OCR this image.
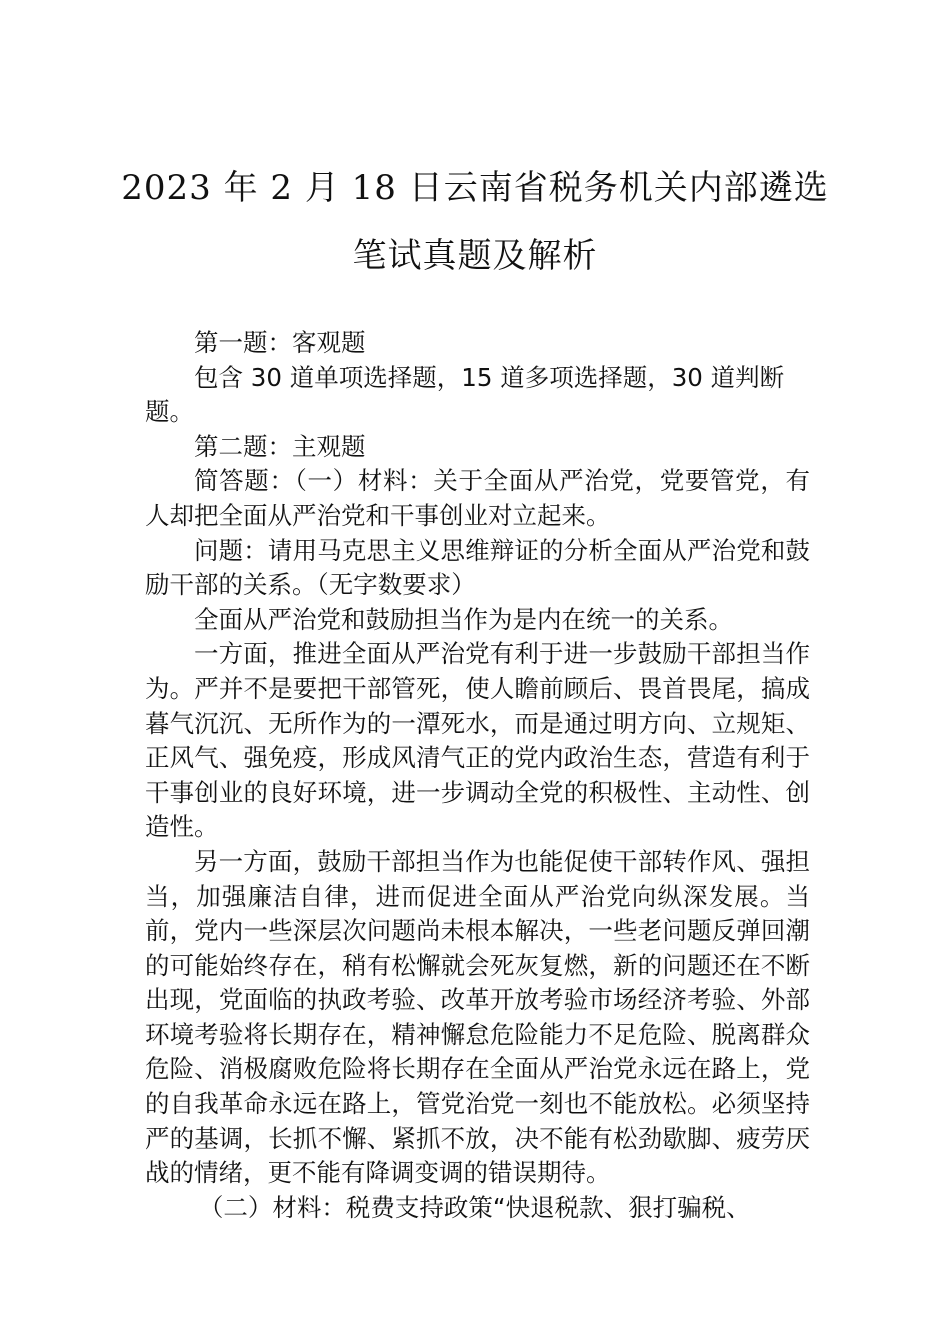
2023 年 2 月 18 日云南省税务机关内部遴选
笔试真题及解析

第一题：客观题

包含 30 道单项选择题，15 道多项选择题，30 道判断题。

第二题：主观题

简答题：（一）材料：关于全面从严治党，党要管党，有人却把全面从严治党和干事创业对立起来。

问题：请用马克思主义思维辩证的分析全面从严治党和鼓励干部的关系。（无字数要求）

全面从严治党和鼓励担当作为是内在统一的关系。

一方面，推进全面从严治党有利于进一步鼓励干部担当作为。严并不是要把干部管死，使人瞻前顾后、畏首畏尾，搞成暮气沉沉、无所作为的一潭死水，而是通过明方向、立规矩、正风气、强免疫，形成风清气正的党内政治生态，营造有利于干事创业的良好环境，进一步调动全党的积极性、主动性、创造性。

另一方面，鼓励干部担当作为也能促使干部转作风、强担当，加强廉洁自律，进而促进全面从严治党向纵深发展。当前，党内一些深层次问题尚未根本解决，一些老问题反弹回潮的可能始终存在，稍有松懈就会死灰复燃，新的问题还在不断出现，党面临的执政考验、改革开放考验市场经济考验、外部环境考验将长期存在，精神懈怠危险能力不足危险、脱离群众危险、消极腐败危险将长期存在全面从严治党永远在路上，党的自我革命永远在路上，管党治党一刻也不能放松。必须坚持严的基调，长抓不懈、紧抓不放，决不能有松劲歇脚、疲劳厌战的情绪，更不能有降调变调的错误期待。

（二）材料：税费支持政策“快退税款、狠打骗税、
